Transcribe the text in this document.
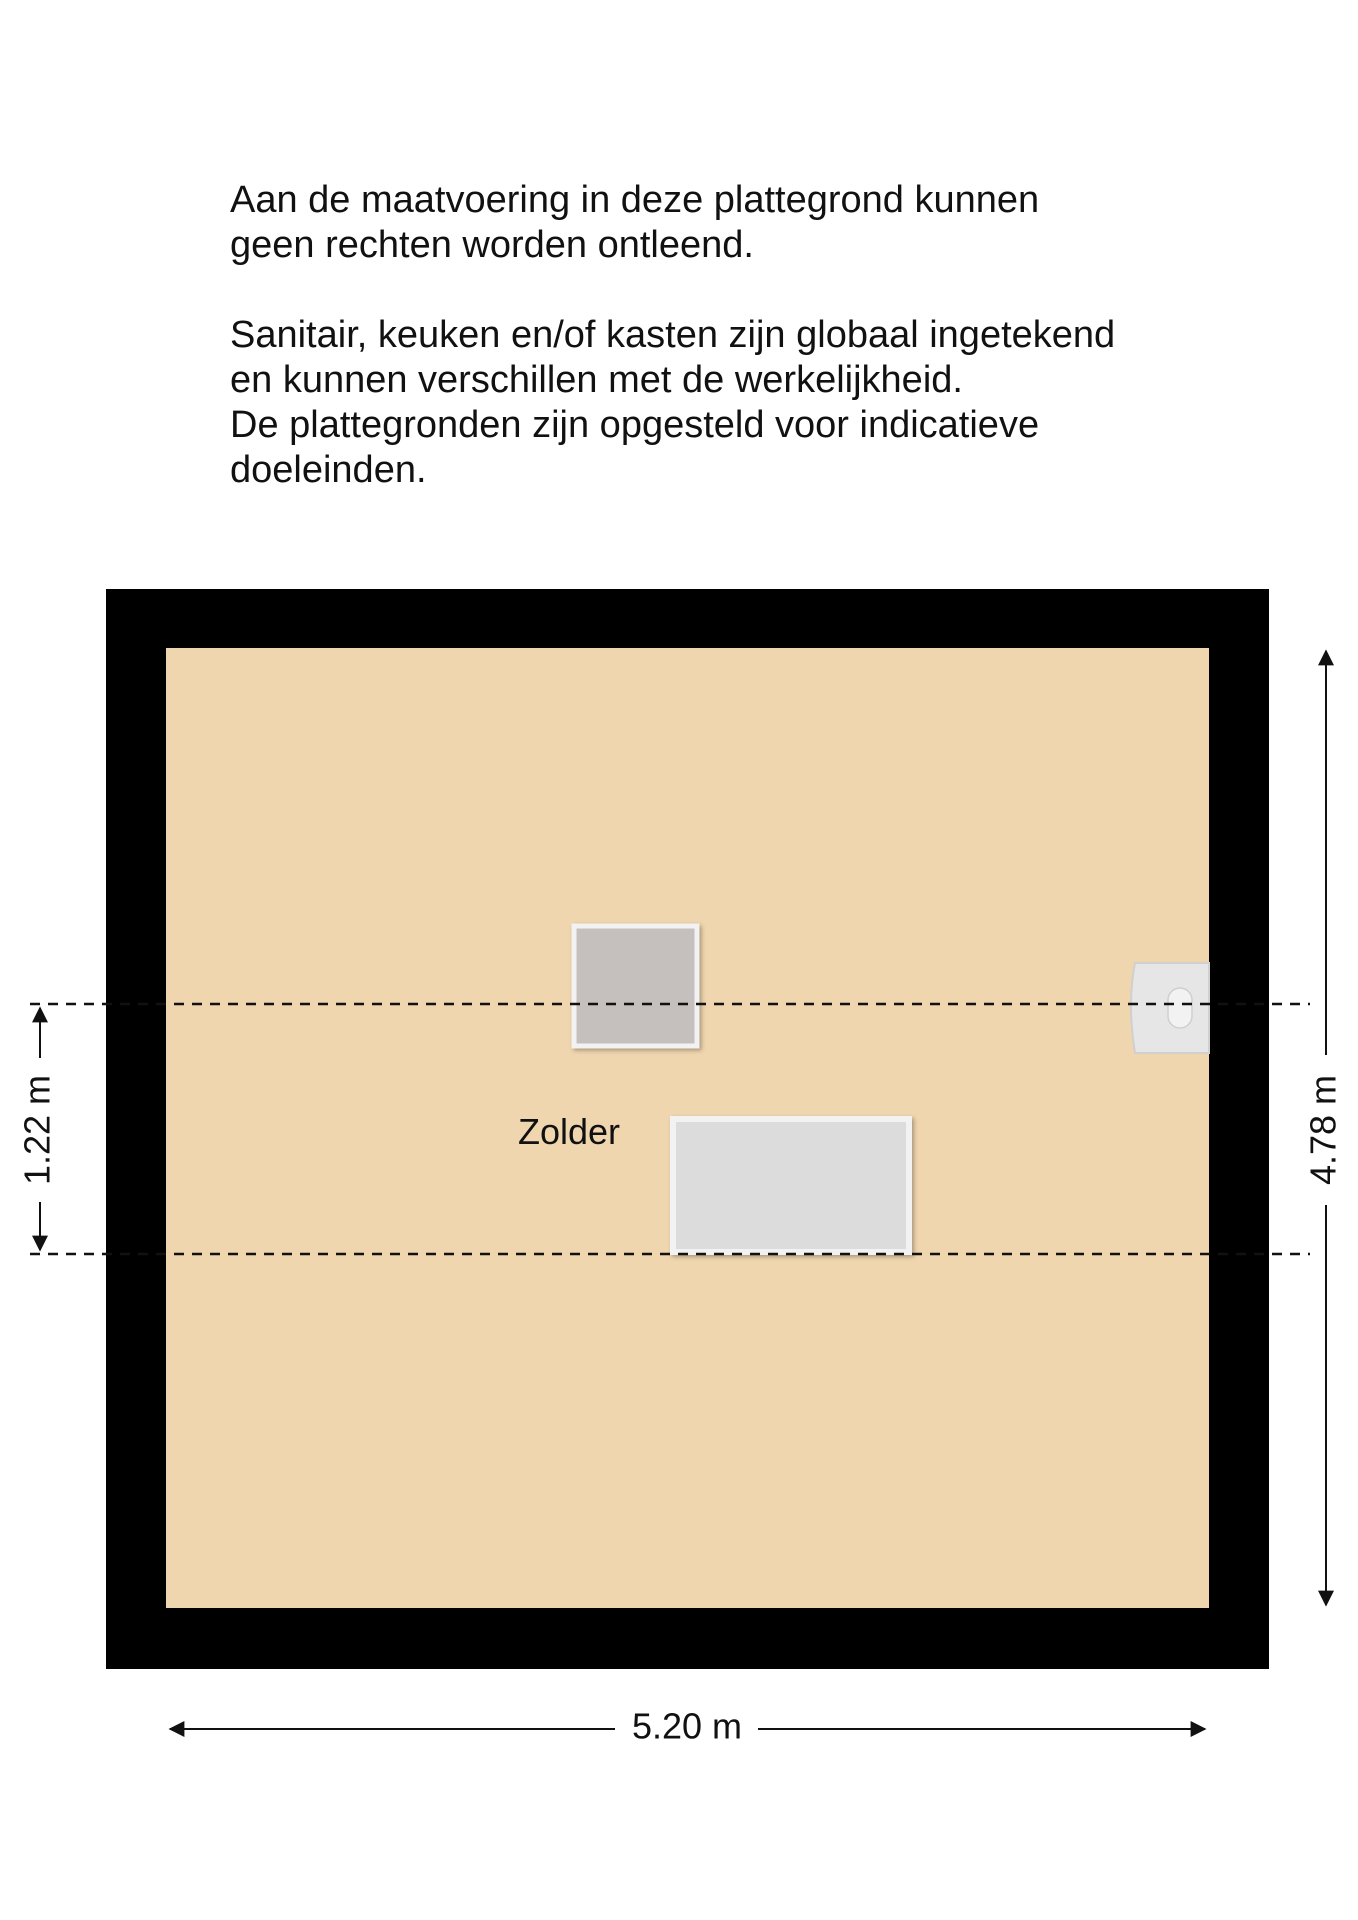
Aan de maatvoering in deze plattegrond kunnen
geen rechten worden ontleend.

Sanitair, keuken en/of kasten zijn globaal ingetekend
en kunnen verschillen met de werkelijkheid.
De plattegronden zijn opgesteld voor indicatieve
doeleinden.

Zolder
1.22 m	4.78 m
5.20 m
